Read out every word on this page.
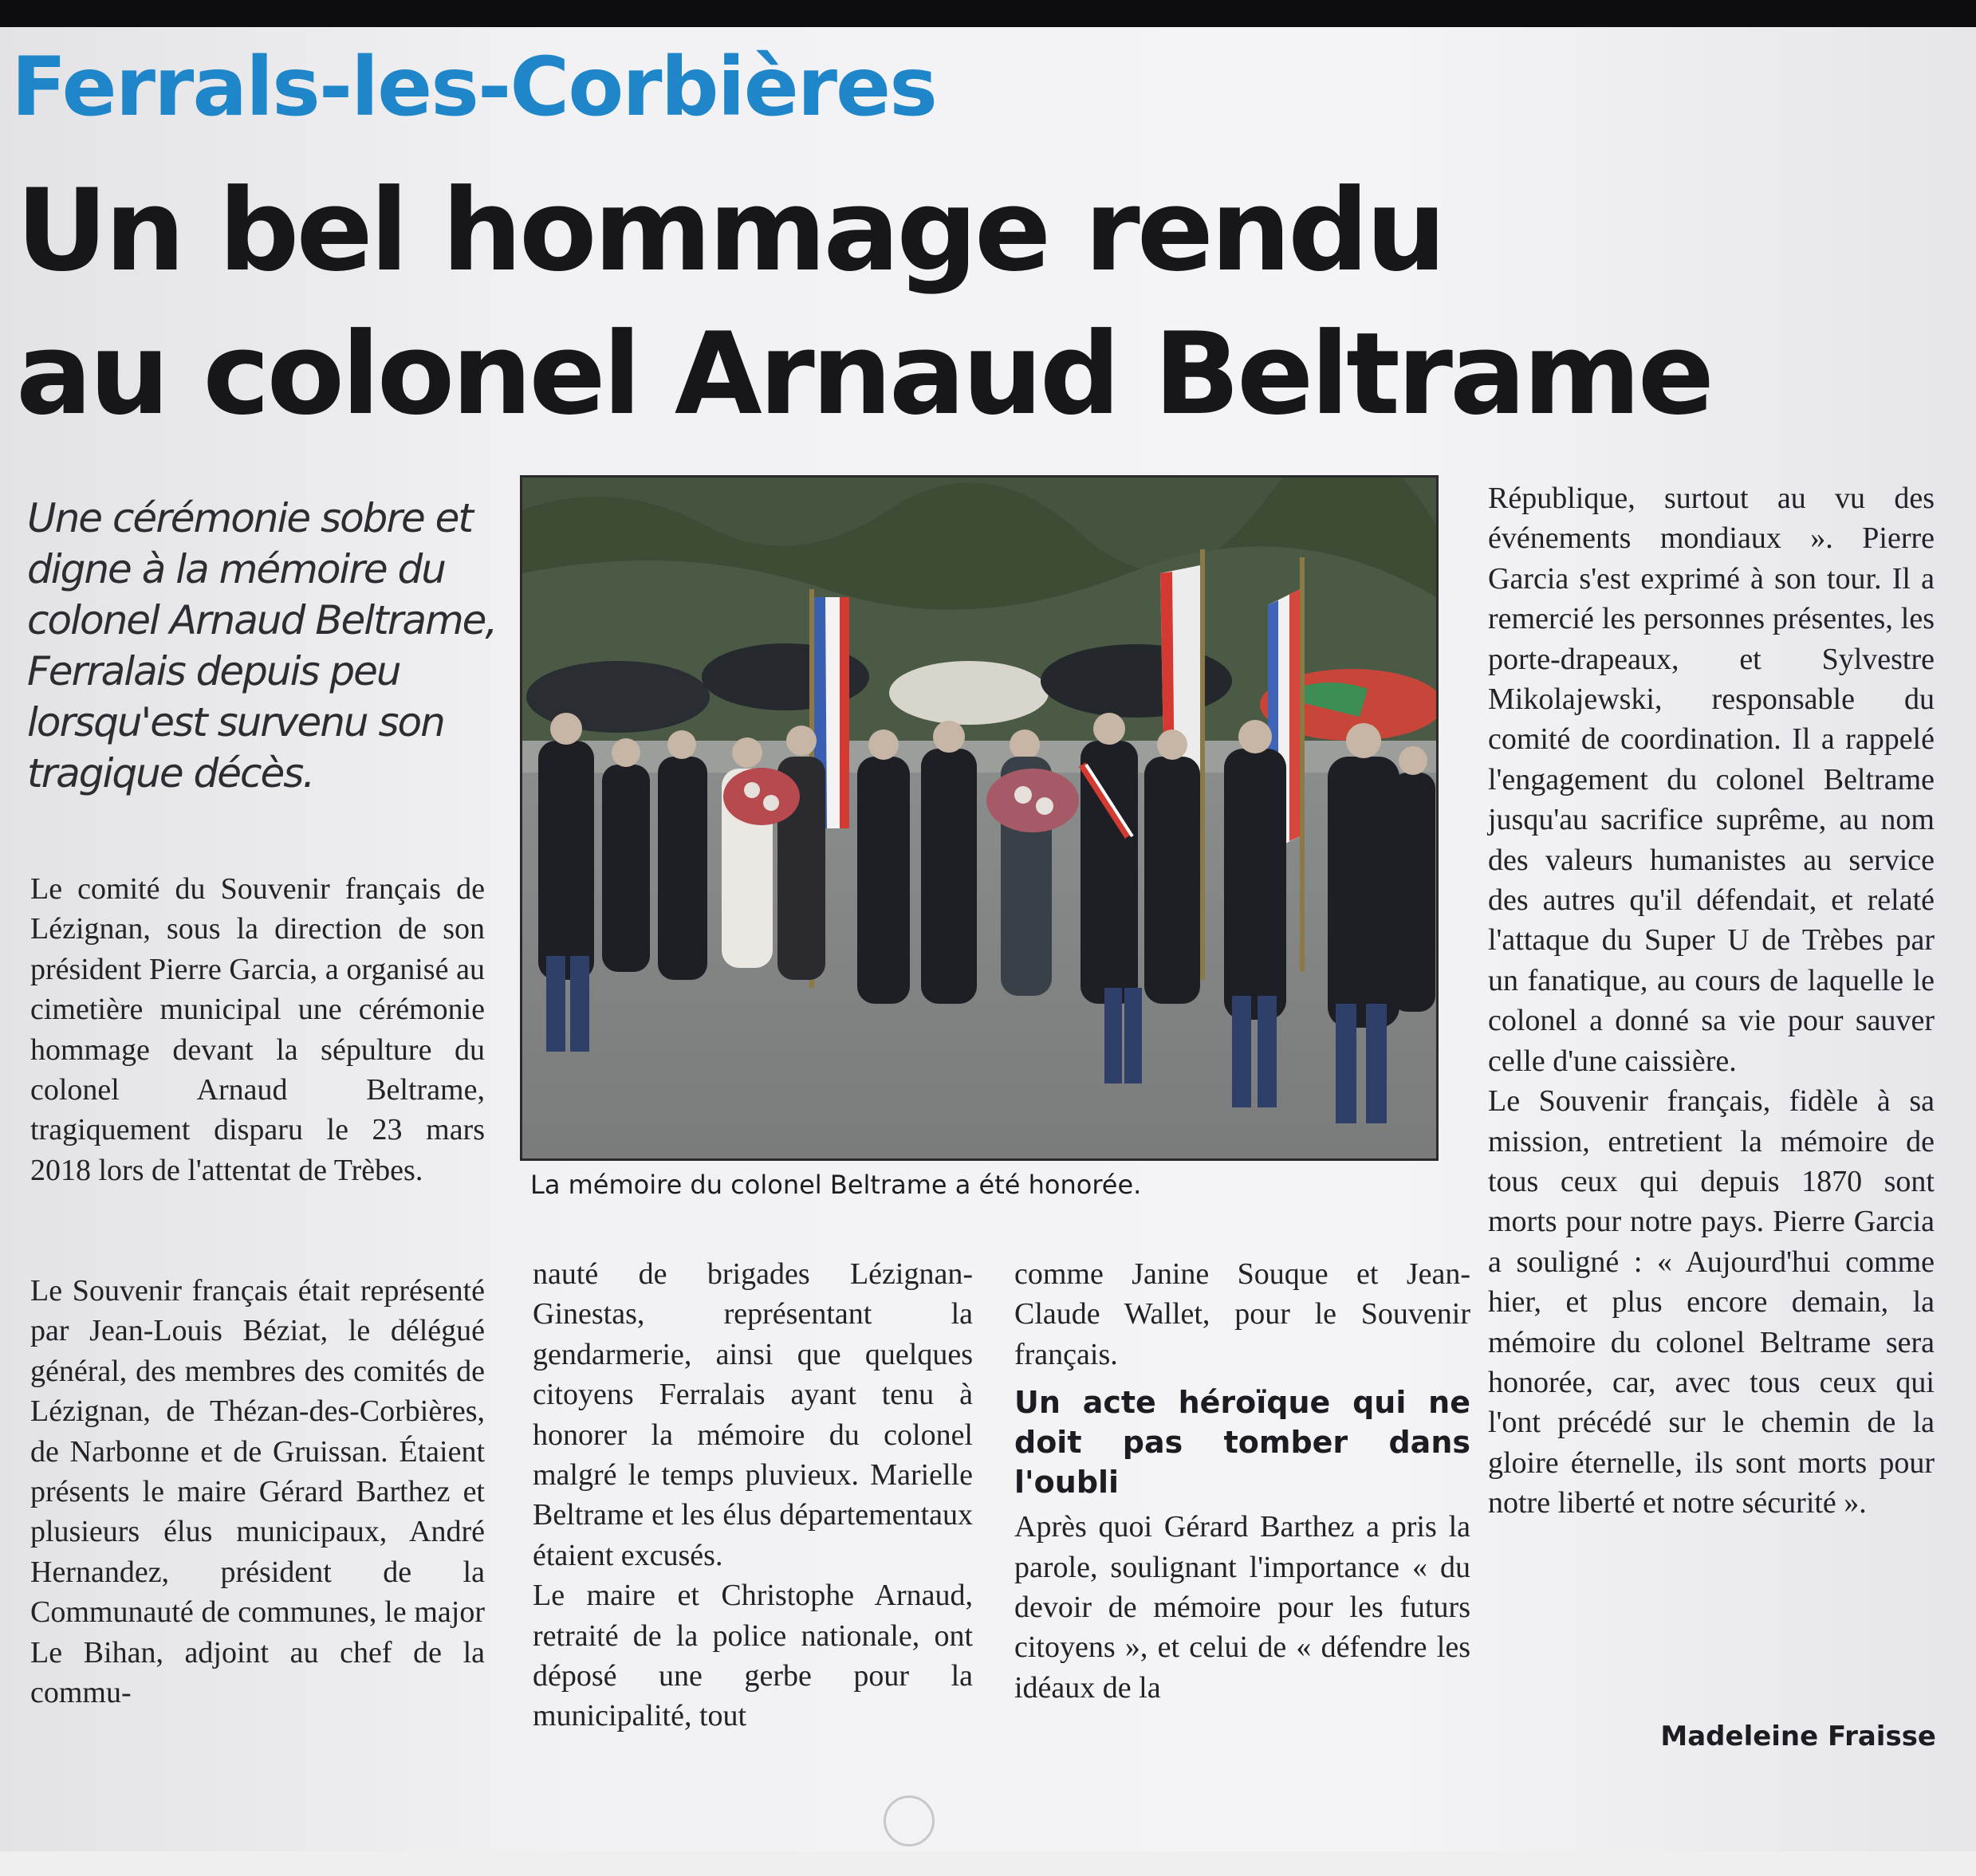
Ferrals-les-Corbières
Un bel hommage rendu
au colonel Arnaud Beltrame
Une cérémonie sobre et digne à la mémoire du colonel Arnaud Beltrame, Ferralais depuis peu lorsqu'est survenu son tragique décès.

Le comité du Souvenir français de Lézignan, sous la direction de son président Pierre Garcia, a organisé au cimetière municipal une cérémonie hommage devant la sépulture du colonel Arnaud Beltrame, tragiquement disparu le 23 mars 2018 lors de l'attentat de Trèbes.

Le Souvenir français était représenté par Jean-Louis Béziat, le délégué général, des membres des comités de Lézignan, de Thézan-des-Corbières, de Narbonne et de Gruissan. Étaient présents le maire Gérard Barthez et plusieurs élus municipaux, André Hernandez, président de la Communauté de communes, le major Le Bihan, adjoint au chef de la commu-

La mémoire du colonel Beltrame a été honorée.

nauté de brigades Lézignan-Ginestas, représentant la gendarmerie, ainsi que quelques citoyens Ferralais ayant tenu à honorer la mémoire du colonel malgré le temps pluvieux. Marielle Beltrame et les élus départementaux étaient excusés.

Le maire et Christophe Arnaud, retraité de la police nationale, ont déposé une gerbe pour la municipalité, tout

comme Janine Souque et Jean-Claude Wallet, pour le Souvenir français.

Un acte héroïque qui ne doit pas tomber dans l'oubli

Après quoi Gérard Barthez a pris la parole, soulignant l'importance « du devoir de mémoire pour les futurs citoyens », et celui de « défendre les idéaux de la

République, surtout au vu des événements mondiaux ». Pierre Garcia s'est exprimé à son tour. Il a remercié les personnes présentes, les porte-drapeaux, et Sylvestre Mikolajewski, responsable du comité de coordination. Il a rappelé l'engagement du colonel Beltrame jusqu'au sacrifice suprême, au nom des valeurs humanistes au service des autres qu'il défendait, et relaté l'attaque du Super U de Trèbes par un fanatique, au cours de laquelle le colonel a donné sa vie pour sauver celle d'une caissière.

Le Souvenir français, fidèle à sa mission, entretient la mémoire de tous ceux qui depuis 1870 sont morts pour notre pays. Pierre Garcia a souligné : « Aujourd'hui comme hier, et plus encore demain, la mémoire du colonel Beltrame sera honorée, car, avec tous ceux qui l'ont précédé sur le chemin de la gloire éternelle, ils sont morts pour notre liberté et notre sécurité ».

Madeleine Fraisse
